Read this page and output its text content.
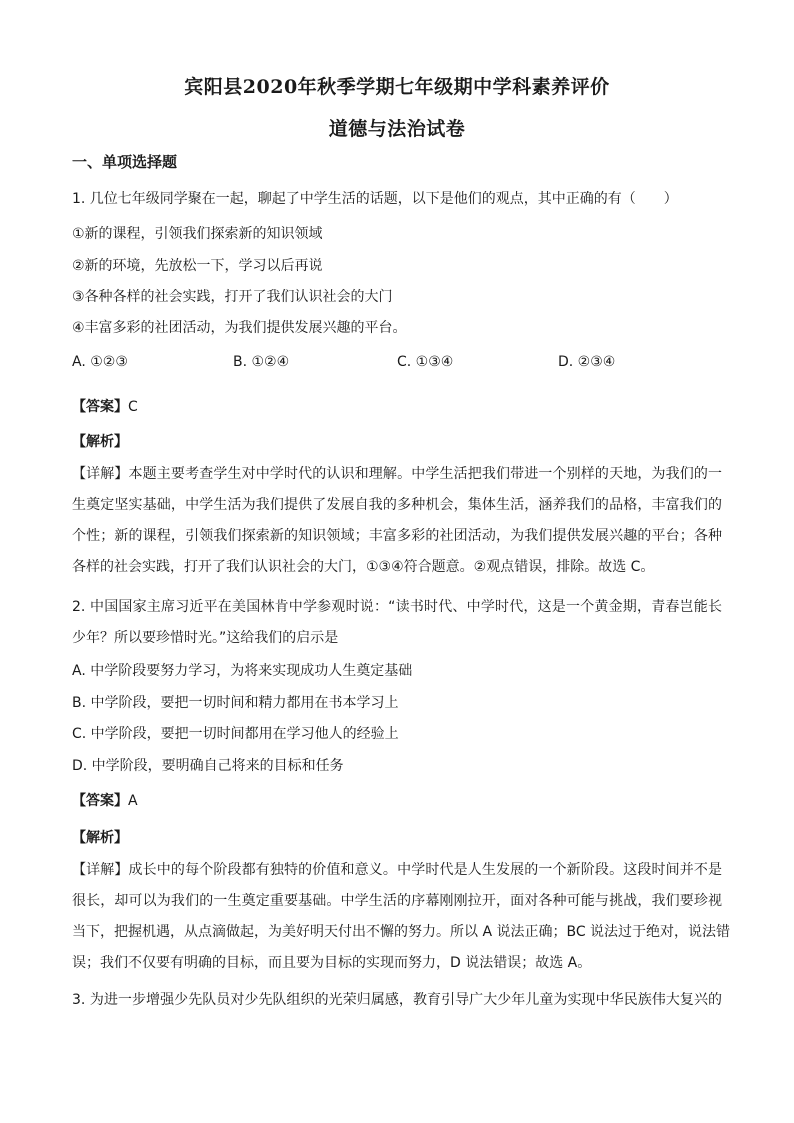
宾阳县2020年秋季学期七年级期中学科素养评价
道德与法治试卷
一、单项选择题
1. 几位七年级同学聚在一起，聊起了中学生活的话题，以下是他们的观点，其中正确的有（　　）
①新的课程，引领我们探索新的知识领域
②新的环境，先放松一下，学习以后再说
③各种各样的社会实践，打开了我们认识社会的大门
④丰富多彩的社团活动，为我们提供发展兴趣的平台。
A. ①②③	B. ①②④	C. ①③④	D. ②③④
【答案】C
【解析】
【详解】本题主要考查学生对中学时代的认识和理解。中学生活把我们带进一个别样的天地，为我们的一
生奠定坚实基础，中学生活为我们提供了发展自我的多种机会，集体生活，涵养我们的品格，丰富我们的
个性；新的课程，引领我们探索新的知识领域；丰富多彩的社团活动，为我们提供发展兴趣的平台；各种
各样的社会实践，打开了我们认识社会的大门，①③④符合题意。②观点错误，排除。故选 C。
2. 中国国家主席习近平在美国林肯中学参观时说：“读书时代、中学时代，这是一个黄金期，青春岂能长
少年？所以要珍惜时光。”这给我们的启示是
A. 中学阶段要努力学习，为将来实现成功人生奠定基础
B. 中学阶段，要把一切时间和精力都用在书本学习上
C. 中学阶段，要把一切时间都用在学习他人的经验上
D. 中学阶段，要明确自己将来的目标和任务
【答案】A
【解析】
【详解】成长中的每个阶段都有独特的价值和意义。中学时代是人生发展的一个新阶段。这段时间并不是
很长，却可以为我们的一生奠定重要基础。中学生活的序幕刚刚拉开，面对各种可能与挑战，我们要珍视
当下，把握机遇，从点滴做起，为美好明天付出不懈的努力。所以 A 说法正确；BC 说法过于绝对，说法错
误；我们不仅要有明确的目标，而且要为目标的实现而努力，D 说法错误；故选 A。
3. 为进一步增强少先队员对少先队组织的光荣归属感，教育引导广大少年儿童为实现中华民族伟大复兴的
